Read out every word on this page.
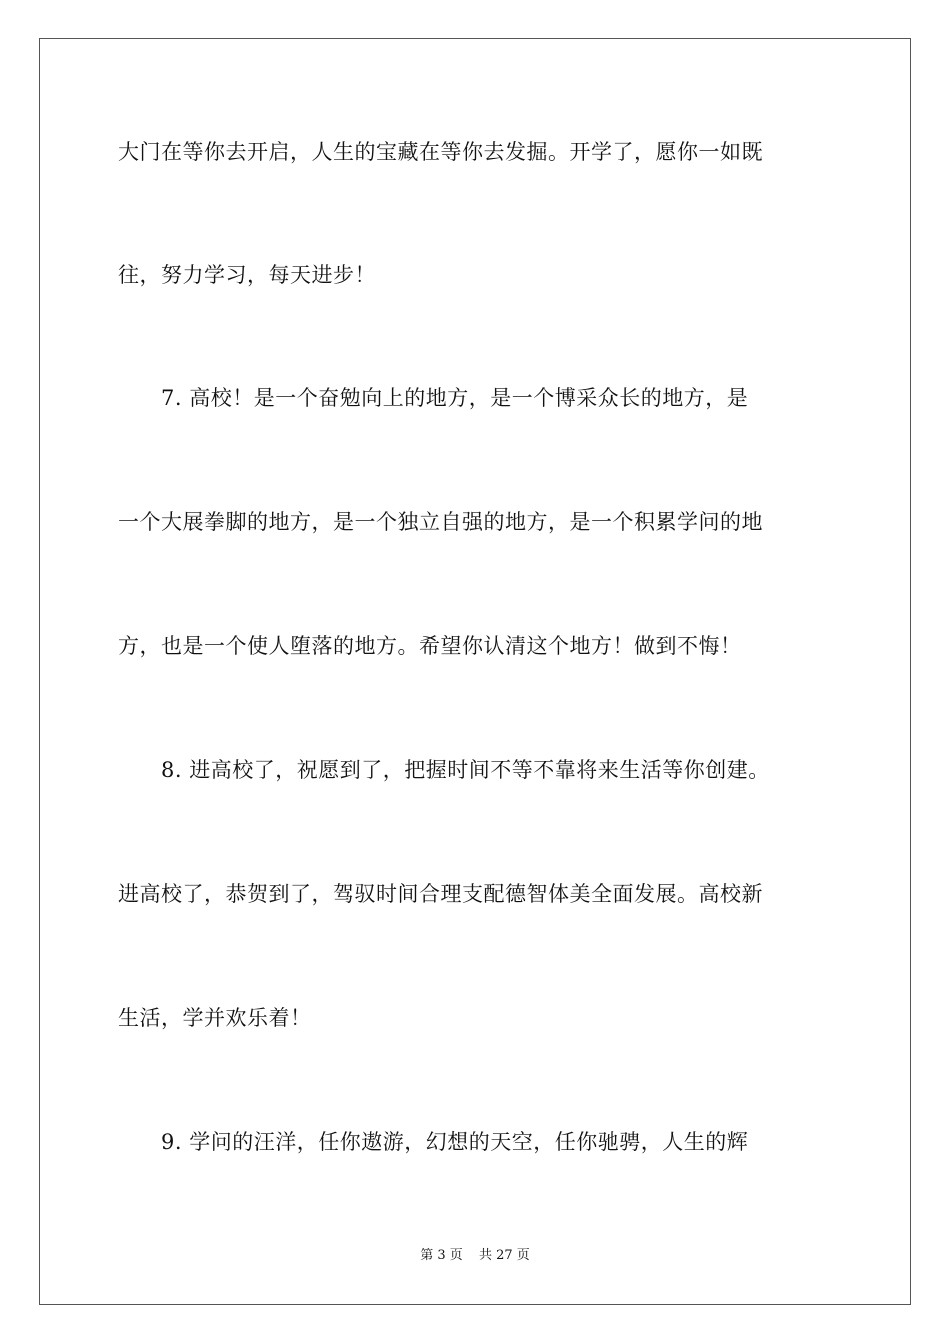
大门在等你去开启，人生的宝藏在等你去发掘。开学了，愿你一如既
往，努力学习，每天进步！
　　7. 高校！是一个奋勉向上的地方，是一个博采众长的地方，是
一个大展拳脚的地方，是一个独立自强的地方，是一个积累学问的地
方，也是一个使人堕落的地方。希望你认清这个地方！做到不悔！
　　8. 进高校了，祝愿到了，把握时间不等不靠将来生活等你创建。
进高校了，恭贺到了，驾驭时间合理支配德智体美全面发展。高校新
生活，学并欢乐着！
　　9. 学问的汪洋，任你遨游，幻想的天空，任你驰骋，人生的辉
第 3 页 共 27 页
